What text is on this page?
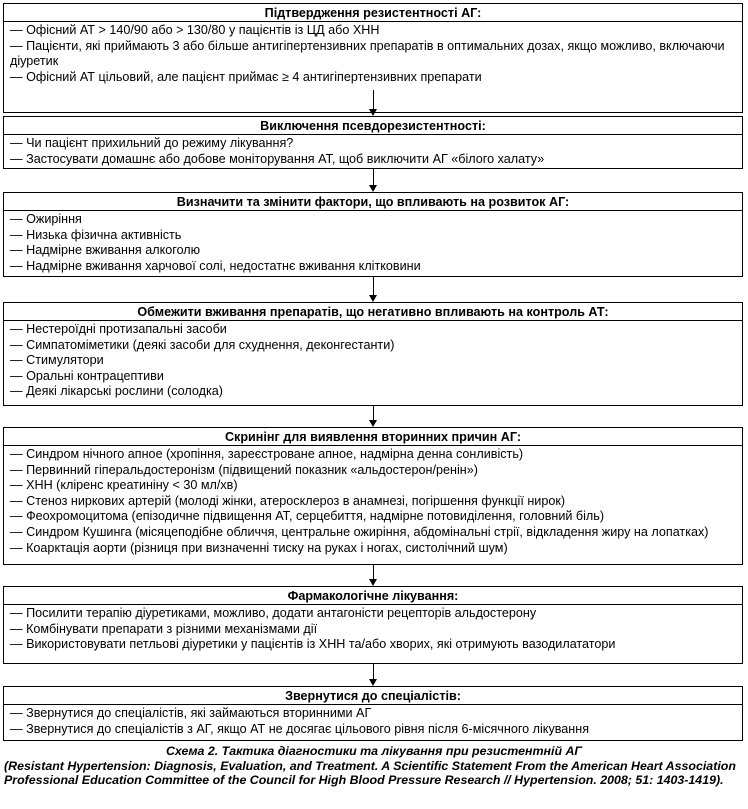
Підтвердження резистентності АГ:
— Офісний АТ > 140/90 або > 130/80 у пацієнтів із ЦД або ХНН
— Пацієнти, які приймають 3 або більше антигіпертензивних препаратів в оптимальних дозах, якщо можливо, включаючи діуретик
— Офісний АТ цільовий, але пацієнт приймає ≥ 4 антигіпертензивних препарати
Виключення псевдорезистентності:
— Чи пацієнт прихильний до режиму лікування?
— Застосувати домашнє або добове моніторування АТ, щоб виключити АГ «білого халату»
Визначити та змінити фактори, що впливають на розвиток АГ:
— Ожиріння
— Низька фізична активність
— Надмірне вживання алкоголю
— Надмірне вживання харчової солі, недостатнє вживання клітковини
Обмежити вживання препаратів, що негативно впливають на контроль АТ:
— Нестероїдні протизапальні засоби
— Симпатоміметики (деякі засоби для схуднення, деконгестанти)
— Стимулятори
— Оральні контрацептиви
— Деякі лікарські рослини (солодка)
Скринінг для виявлення вторинних причин АГ:
— Синдром нічного апное (хропіння, зареєстроване апное, надмірна денна сонливість)
— Первинний гіперальдостеронізм (підвищений показник «альдостерон/ренін»)
— ХНН (кліренс креатиніну < 30 мл/хв)
— Стеноз ниркових артерій (молоді жінки, атеросклероз в анамнезі, погіршення функції нирок)
— Феохромоцитома (епізодичне підвищення АТ, серцебиття, надмірне потовиділення, головний біль)
— Синдром Кушинга (місяцеподібне обличчя, центральне ожиріння, абдомінальні стрії, відкладення жиру на лопатках)
— Коарктація аорти (різниця при визначенні тиску на руках і ногах, систолічний шум)
Фармакологічне лікування:
— Посилити терапію діуретиками, можливо, додати антагоністи рецепторів альдостерону
— Комбінувати препарати з різними механізмами дії
— Використовувати петльові діуретики у пацієнтів із ХНН та/або хворих, які отримують вазодилататори
Звернутися до спеціалістів:
— Звернутися до спеціалістів, які займаються вторинними АГ
— Звернутися до спеціалістів з АГ, якщо АТ не досягає цільового рівня після 6-місячного лікування
Схема 2. Тактика діагностики та лікування при резистентній АГ
(Resistant Hypertension: Diagnosis, Evaluation, and Treatment. A Scientific Statement From the American Heart Association Professional Education Committee of the Council for High Blood Pressure Research // Hypertension. 2008; 51: 1403-1419).
